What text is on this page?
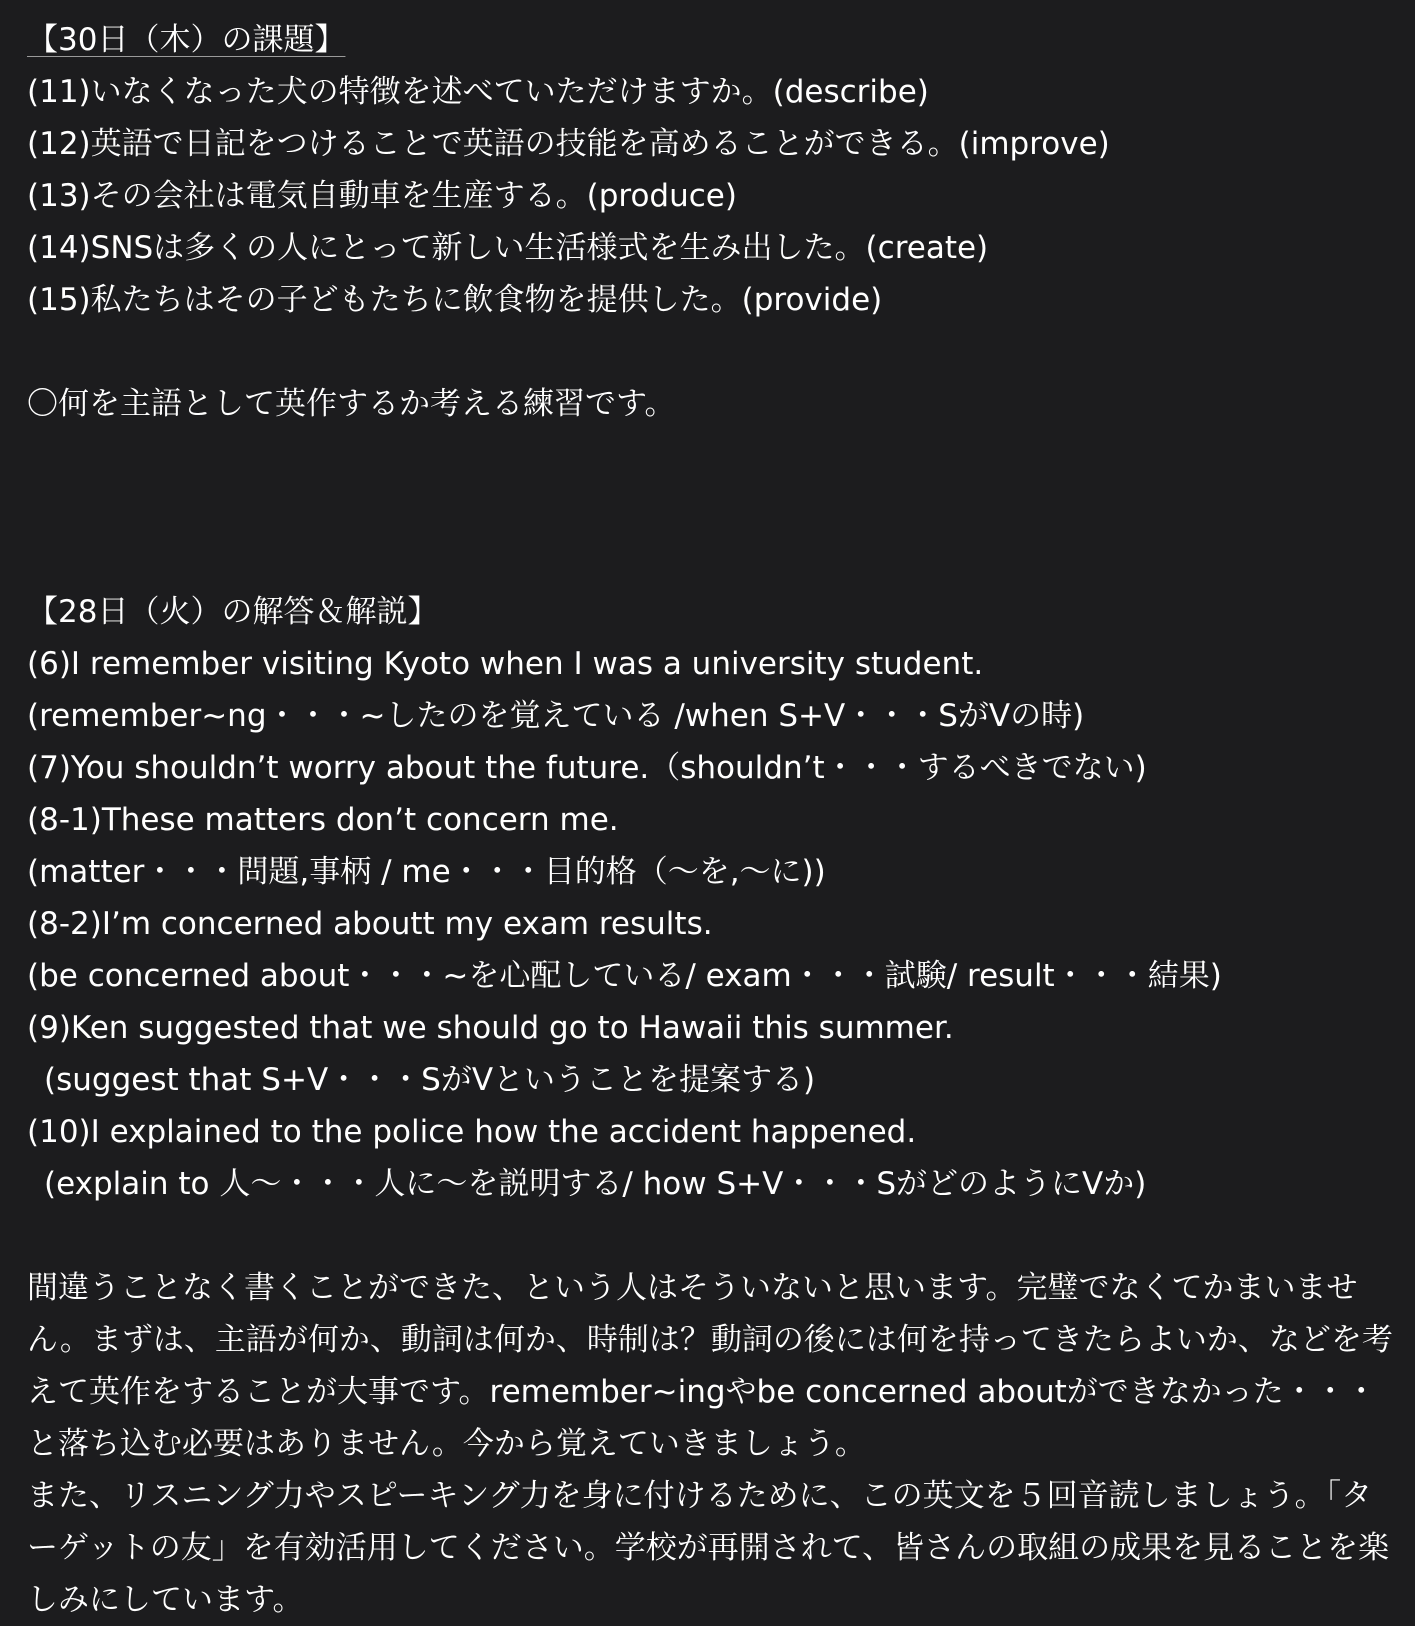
【30日（木）の課題】
(11)いなくなった犬の特徴を述べていただけますか。(describe)
(12)英語で日記をつけることで英語の技能を高めることができる。(improve)
(13)その会社は電気自動車を生産する。(produce)
(14)SNSは多くの人にとって新しい生活様式を生み出した。(create)
(15)私たちはその子どもたちに飲食物を提供した。(provide)
〇何を主語として英作するか考える練習です。
【28日（火）の解答＆解説】
(6)I remember visiting Kyoto when I was a university student.
(remember~ng・・・~したのを覚えている /when S+V・・・SがVの時)
(7)You shouldn’t worry about the future.（shouldn’t・・・するべきでない)
(8-1)These matters don’t concern me.
(matter・・・問題,事柄 / me・・・目的格（～を,～に))
(8-2)I’m concerned aboutt my exam results.
(be concerned about・・・~を心配している/ exam・・・試験/ result・・・結果)
(9)Ken suggested that we should go to Hawaii this summer.
(suggest that S+V・・・SがVということを提案する)
(10)I explained to the police how the accident happened.
(explain to 人～・・・人に～を説明する/ how S+V・・・SがどのようにVか)
間違うことなく書くことができた、という人はそういないと思います。完璧でなくてかまいません。まずは、主語が何か、動詞は何か、時制は？動詞の後には何を持ってきたらよいか、などを考えて英作をすることが大事です。remember~ingやbe concerned aboutができなかった・・・と落ち込む必要はありません。今から覚えていきましょう。
また、リスニング力やスピーキング力を身に付けるために、この英文を５回音読しましょう。「ターゲットの友」を有効活用してください。学校が再開されて、皆さんの取組の成果を見ることを楽しみにしています。
